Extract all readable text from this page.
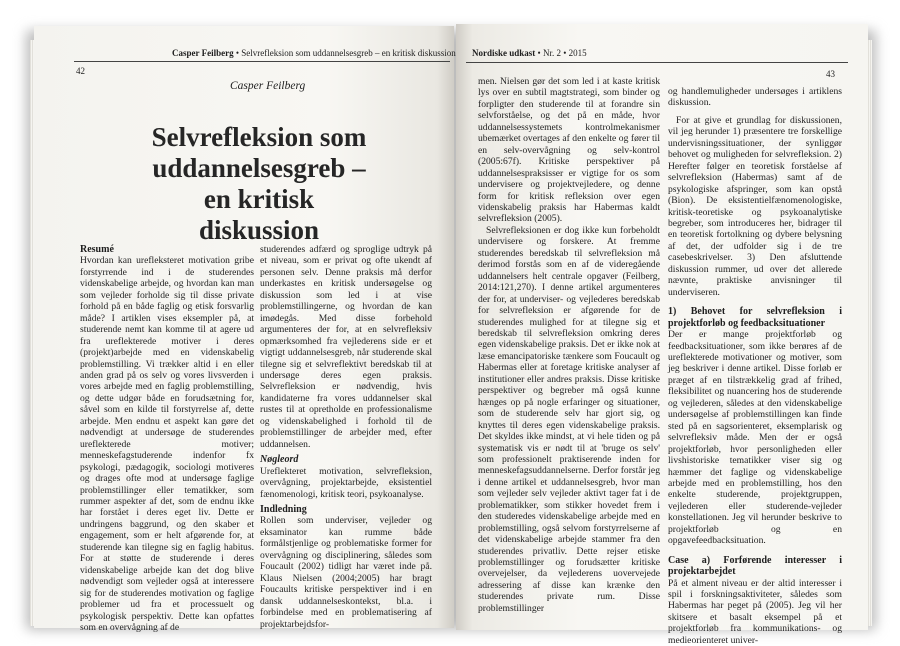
Casper Feilberg • Selvrefleksion som uddannelsesgreb – en kritisk diskussion
42
Casper Feilberg
Selvrefleksion som uddannelsesgreb – en kritisk diskussion

Resumé

Hvordan kan urefleksteret motivation gribe forstyrrende ind i de studerendes videnskabelige arbejde, og hvordan kan man som vejleder forholde sig til disse private forhold på en både faglig og etisk forsvarlig måde? I artiklen vises eksempler på, at studerende nemt kan komme til at agere ud fra ureflekterede motiver i deres (projekt)arbejde med en videnskabelig problemstilling. Vi trækker altid i en eller anden grad på os selv og vores livsverden i vores arbejde med en faglig problemstilling, og dette udgør både en forudsætning for, såvel som en kilde til forstyrrelse af, dette arbejde. Men endnu et aspekt kan gøre det nødvendigt at undersøge de studerendes ureflekterede motiver; menneskefagstuderende indenfor fx psykologi, pædagogik, sociologi motiveres og drages ofte mod at undersøge faglige problemstillinger eller tematikker, som rummer aspekter af det, som de endnu ikke har forstået i deres eget liv. Dette er undringens baggrund, og den skaber et engagement, som er helt afgørende for, at studerende kan tilegne sig en faglig habitus. For at støtte de studerende i deres videnskabelige arbejde kan det dog blive nødvendigt som vejleder også at interessere sig for de studerendes motivation og faglige problemer ud fra et processuelt og psykologisk perspektiv. Dette kan opfattes som en overvågning af de

studerendes adfærd og sproglige udtryk på et niveau, som er privat og ofte ukendt af personen selv. Denne praksis må derfor underkastes en kritisk undersøgelse og diskussion som led i at vise problemstillingerne, og hvordan de kan imødegås. Med disse forbehold argumenteres der for, at en selvrefleksiv opmærksomhed fra vejlederens side er et vigtigt uddannelsesgreb, når studerende skal tilegne sig et selvreflektivt beredskab til at undersøge deres egen praksis. Selvrefleksion er nødvendig, hvis kandidaterne fra vores uddannelser skal rustes til at opretholde en professionalisme og videnskabelighed i forhold til de problemstillinger de arbejder med, efter uddannelsen.

Nøgleord

Ureflekteret motivation, selvrefleksion, overvågning, projektarbejde, eksistentiel fænomenologi, kritisk teori, psykoanalyse.

Indledning

Rollen som underviser, vejleder og eksaminator kan rumme både formålstjenlige og problematiske former for overvågning og disciplinering, således som Foucault (2002) tidligt har været inde på. Klaus Nielsen (2004;2005) har bragt Foucaults kritiske perspektiver ind i en dansk uddannelseskontekst, bl.a. i forbindelse med en problematisering af projektarbejdsfor-

Nordiske udkast • Nr. 2 • 2015
43

men. Nielsen gør det som led i at kaste kritisk lys over en subtil magtstrategi, som binder og forpligter den studerende til at forandre sin selvforståelse, og det på en måde, hvor uddannelsessystemets kontrolmekanismer ubemærket overtages af den enkelte og fører til en selv-overvågning og selv-kontrol (2005:67f). Kritiske perspektiver på uddannelsespraksisser er vigtige for os som undervisere og projektvejledere, og denne form for kritisk refleksion over egen videnskabelig praksis har Habermas kaldt selvrefleksion (2005).

Selvrefleksionen er dog ikke kun forbeholdt undervisere og forskere. At fremme studerendes beredskab til selvrefleksion må derimod forstås som en af de videregående uddannelsers helt centrale opgaver (Feilberg, 2014:121,270). I denne artikel argumenteres der for, at underviser- og vejlederes beredskab for selvrefleksion er afgørende for de studerendes mulighed for at tilegne sig et beredskab til selvrefleksion omkring deres egen videnskabelige praksis. Det er ikke nok at læse emancipatoriske tænkere som Foucault og Habermas eller at foretage kritiske analyser af institutioner eller andres praksis. Disse kritiske perspektiver og begreber må også kunne hænges op på nogle erfaringer og situationer, som de studerende selv har gjort sig, og knyttes til deres egen videnskabelige praksis. Det skyldes ikke mindst, at vi hele tiden og på systematisk vis er nødt til at 'bruge os selv' som professionelt praktiserende inden for menneskefagsuddannelserne. Derfor forstår jeg i denne artikel et uddannelsesgreb, hvor man som vejleder selv vejleder aktivt tager fat i de problematikker, som stikker hovedet frem i den studeredes videnskabelige arbejde med en problemstilling, også selvom forstyrrelserne af det videnskabelige arbejde stammer fra den studerendes privatliv. Dette rejser etiske problemstillinger og forudsætter kritiske overvejelser, da vejlederens uovervejede adressering af disse kan krænke den studerendes private rum. Disse problemstillinger

og handlemuligheder undersøges i artiklens diskussion.

For at give et grundlag for diskussionen, vil jeg herunder 1) præsentere tre forskellige undervisningssituationer, der synliggør behovet og muligheden for selvrefleksion. 2) Herefter følger en teoretisk forståelse af selvrefleksion (Habermas) samt af de psykologiske afspringer, som kan opstå (Bion). De eksistentielfænomenologiske, kritisk-teoretiske og psykoanalytiske begreber, som introduceres her, bidrager til en teoretisk fortolkning og dybere belysning af det, der udfolder sig i de tre casebeskrivelser. 3) Den afsluttende diskussion rummer, ud over det allerede nævnte, praktiske anvisninger til underviseren.

1) Behovet for selvrefleksion i projektforløb og feedbacksituationer

Der er mange projektforløb og feedbacksituationer, som ikke berøres af de ureflekterede motivationer og motiver, som jeg beskriver i denne artikel. Disse forløb er præget af en tilstrækkelig grad af frihed, fleksibilitet og nuancering hos de studerende og vejlederen, således at den videnskabelige undersøgelse af problemstillingen kan finde sted på en sagsorienteret, eksemplarisk og selvrefleksiv måde. Men der er også projektforløb, hvor personligheden eller livshistoriske tematikker viser sig og hæmmer det faglige og videnskabelige arbejde med en problemstilling, hos den enkelte studerende, projektgruppen, vejlederen eller studerende-vejleder konstellationen. Jeg vil herunder beskrive to projektforløb og en opgavefeedbacksituation.

Case a) Forførende interesser i projektarbejdet

På et alment niveau er der altid interesser i spil i forskningsaktiviteter, således som Habermas har peget på (2005). Jeg vil her skitsere et basalt eksempel på et projektforløb fra kommunikations- og medieorienteret univer-
